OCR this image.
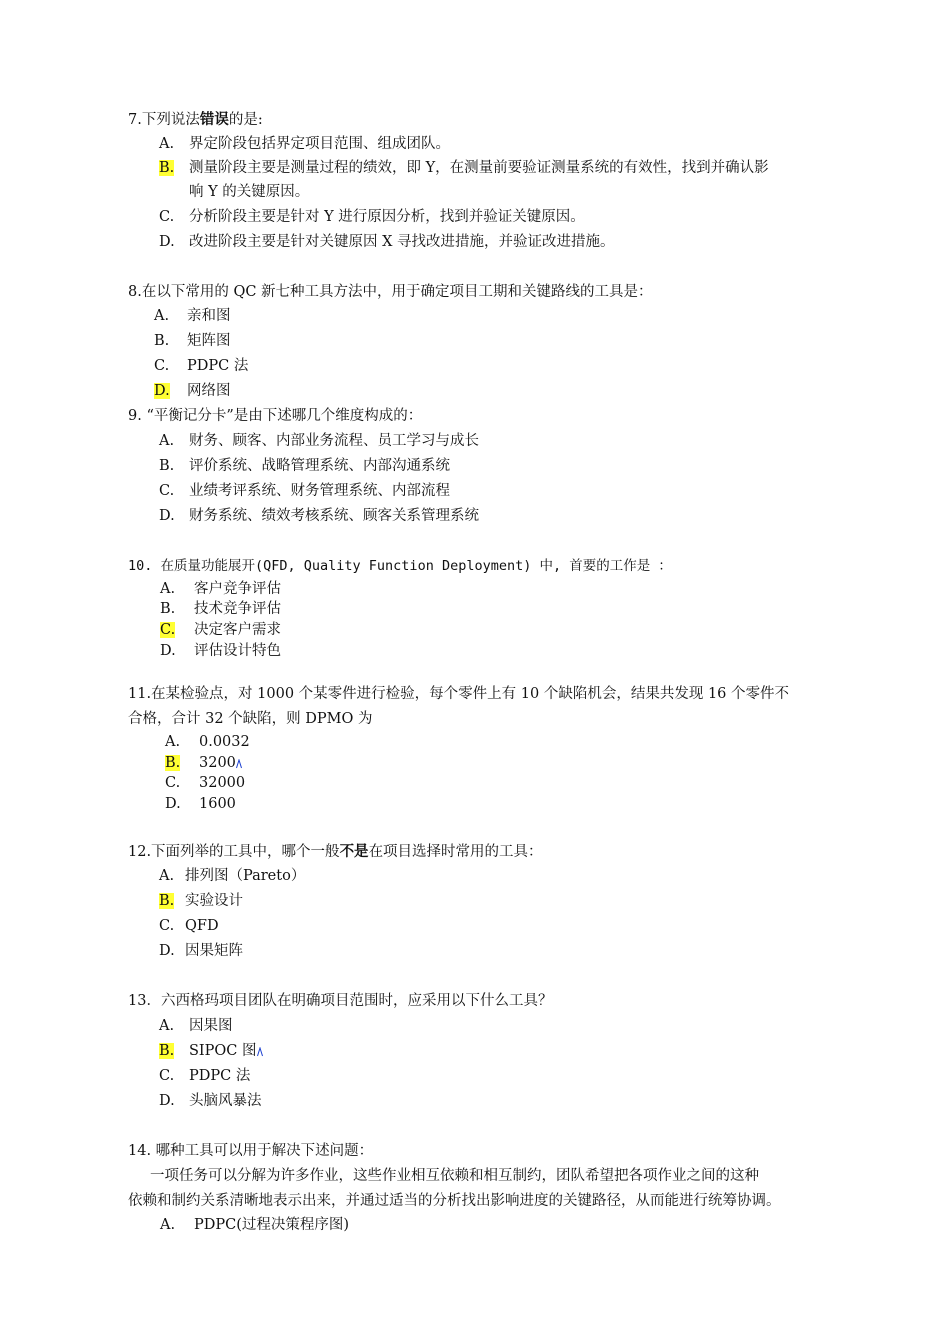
7.下列说法错误的是:
A. 界定阶段包括界定项目范围、组成团队。
B. 测量阶段主要是测量过程的绩效，即 Y，在测量前要验证测量系统的有效性，找到并确认影
响 Y 的关键原因。
C. 分析阶段主要是针对 Y 进行原因分析，找到并验证关键原因。
D. 改进阶段主要是针对关键原因 X 寻找改进措施，并验证改进措施。
8.在以下常用的 QC 新七种工具方法中，用于确定项目工期和关键路线的工具是：
A. 亲和图
B. 矩阵图
C. PDPC 法
D. 网络图
9. “平衡记分卡”是由下述哪几个维度构成的：
A. 财务、顾客、内部业务流程、员工学习与成长
B. 评价系统、战略管理系统、内部沟通系统
C. 业绩考评系统、财务管理系统、内部流程
D. 财务系统、绩效考核系统、顾客关系管理系统
10. 在质量功能展开(QFD, Quality Function Deployment) 中, 首要的工作是 ：
A. 客户竞争评估
B. 技术竞争评估
C. 决定客户需求
D. 评估设计特色
11.在某检验点，对 1000 个某零件进行检验，每个零件上有 10 个缺陷机会，结果共发现 16 个零件不
合格，合计 32 个缺陷，则 DPMO 为
A. 0.0032
B. 3200
C. 32000
D. 1600
12.下面列举的工具中，哪个一般不是在项目选择时常用的工具：
A. 排列图（Pareto）
B. 实验设计
C. QFD
D. 因果矩阵
13．六西格玛项目团队在明确项目范围时，应采用以下什么工具？
A. 因果图
B. SIPOC 图
C. PDPC 法
D. 头脑风暴法
14. 哪种工具可以用于解决下述问题：
一项任务可以分解为许多作业，这些作业相互依赖和相互制约，团队希望把各项作业之间的这种
依赖和制约关系清晰地表示出来，并通过适当的分析找出影响进度的关键路径，从而能进行统筹协调。
A. PDPC(过程决策程序图)
